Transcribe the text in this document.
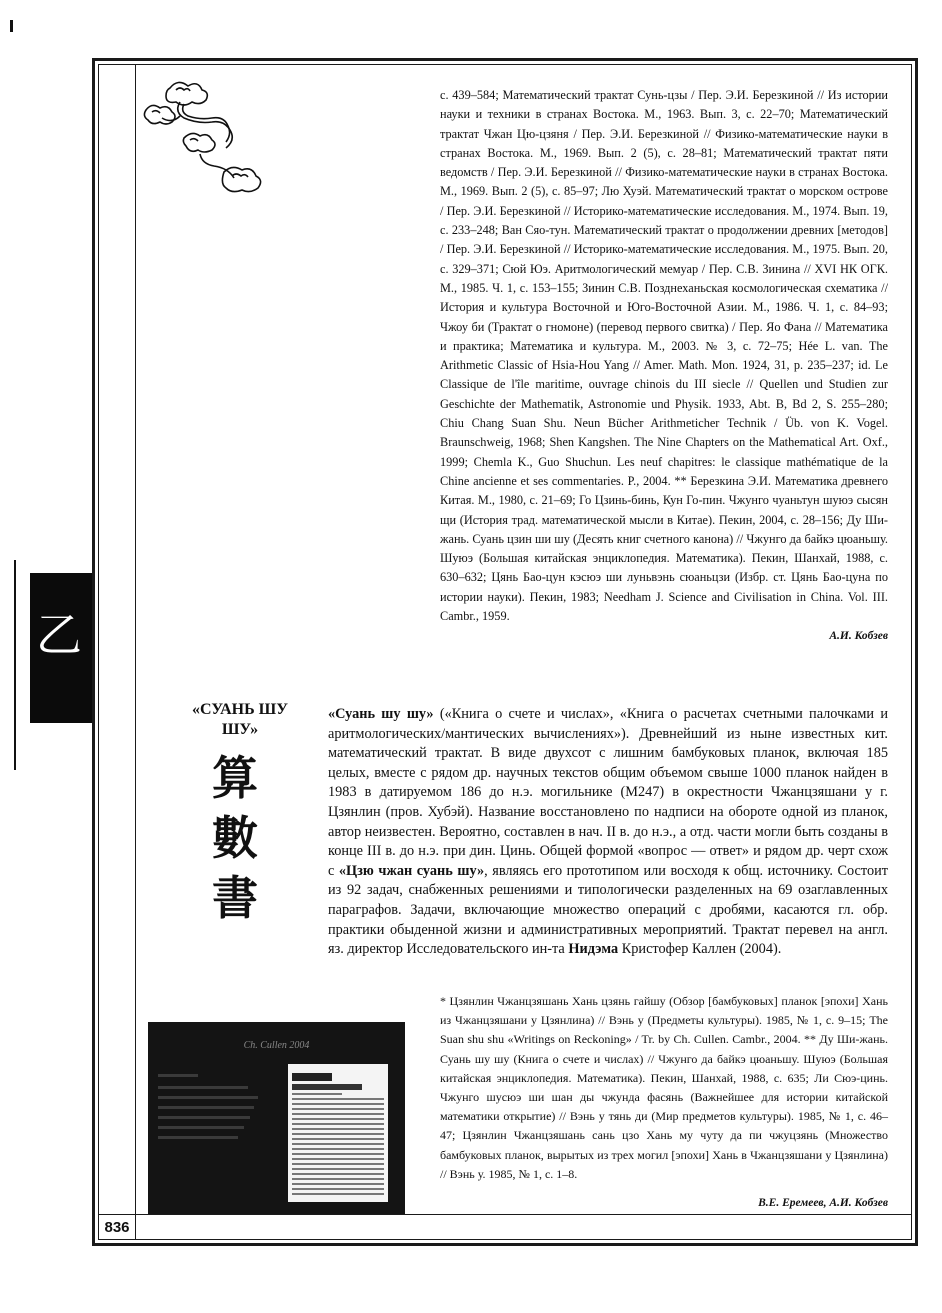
836
乙

с. 439–584; Математический трактат Сунь-цзы / Пер. Э.И. Березкиной // Из истории науки и техники в странах Востока. М., 1963. Вып. 3, с. 22–70; Математический трактат Чжан Цю-цзяня / Пер. Э.И. Березкиной // Физико-математические науки в странах Востока. М., 1969. Вып. 2 (5), с. 28–81; Математический трактат пяти ведомств / Пер. Э.И. Березкиной // Физико-математические науки в странах Востока. М., 1969. Вып. 2 (5), с. 85–97; Лю Хуэй. Математический трактат о морском острове / Пер. Э.И. Березкиной // Историко-математические исследования. М., 1974. Вып. 19, с. 233–248; Ван Сяо-тун. Математический трактат о продолжении древних [методов] / Пер. Э.И. Березкиной // Историко-математические исследования. М., 1975. Вып. 20, с. 329–371; Сюй Юэ. Аритмологический мемуар / Пер. С.В. Зинина // XVI НК ОГК. М., 1985. Ч. 1, с. 153–155; Зинин С.В. Позднеханьская космологическая схематика // История и культура Восточной и Юго-Восточной Азии. М., 1986. Ч. 1, с. 84–93; Чжоу би (Трактат о гномоне) (перевод первого свитка) / Пер. Яо Фана // Математика и практика; Математика и культура. М., 2003. № 3, с. 72–75; Hée L. van. The Arithmetic Classic of Hsia-Hou Yang // Amer. Math. Mon. 1924, 31, p. 235–237; id. Le Classique de l'île maritime, ouvrage chinois du III siecle // Quellen und Studien zur Geschichte der Mathematik, Astronomie und Physik. 1933, Abt. B, Bd 2, S. 255–280; Chiu Chang Suan Shu. Neun Bücher Arithmeticher Technik / Üb. von K. Vogel. Braunschweig, 1968; Shen Kangshen. The Nine Chapters on the Mathematical Art. Oxf., 1999; Chemla K., Guo Shuchun. Les neuf chapitres: le classique mathématique de la Chine ancienne et ses commentaries. P., 2004. ** Березкина Э.И. Математика древнего Китая. М., 1980, с. 21–69; Го Цзинь-бинь, Кун Го-пин. Чжунго чуаньтун шуюэ сысян щи (История трад. математической мысли в Китае). Пекин, 2004, с. 28–156; Ду Ши-жань. Суань цзин ши шу (Десять книг счетного канона) // Чжунго да байкэ цюаньшу. Шуюэ (Большая китайская энциклопедия. Математика). Пекин, Шанхай, 1988, с. 630–632; Цянь Бао-цун кэсюэ ши луньвэнь сюаньцзи (Избр. ст. Цянь Бао-цуна по истории науки). Пекин, 1983; Needham J. Science and Civilisation in China. Vol. III. Cambr., 1959.

А.И. Кобзев
«СУАНЬ ШУ ШУ»
算
數
書
«Суань шу шу» («Книга о счете и числах», «Книга о расчетах счетными палочками и аритмологических/мантических вычислениях»). Древнейший из ныне известных кит. математический трактат. В виде двухсот с лишним бамбуковых планок, включая 185 целых, вместе с рядом др. научных текстов общим объемом свыше 1000 планок найден в 1983 в датируемом 186 до н.э. могильнике (M247) в окрестности Чжанцзяшани у г. Цзянлин (пров. Хубэй). Название восстановлено по надписи на обороте одной из планок, автор неизвестен. Вероятно, составлен в нач. II в. до н.э., а отд. части могли быть созданы в конце III в. до н.э. при дин. Цинь. Общей формой «вопрос — ответ» и рядом др. черт схож с «Цзю чжан суань шу», являясь его прототипом или восходя к общ. источнику. Состоит из 92 задач, снабженных решениями и типологически разделенных на 69 озаглавленных параграфов. Задачи, включающие множество операций с дробями, касаются гл. обр. практики обыденной жизни и административных мероприятий. Трактат перевел на англ. яз. директор Исследовательского ин-та Нидэма Кристофер Каллен (2004).
* Цзянлин Чжанцзяшань Хань цзянь гайшу (Обзор [бамбуковых] планок [эпохи] Хань из Чжанцзяшани у Цзянлина) // Вэнь у (Предметы культуры). 1985, № 1, с. 9–15; The Suan shu shu «Writings on Reckoning» / Tr. by Ch. Cullen. Cambr., 2004. ** Ду Ши-жань. Суань шу шу (Книга о счете и числах) // Чжунго да байкэ цюаньшу. Шуюэ (Большая китайская энциклопедия. Математика). Пекин, Шанхай, 1988, с. 635; Ли Сюэ-цинь. Чжунго шусюэ ши шан ды чжунда фасянь (Важнейшее для истории китайской математики открытие) // Вэнь у тянь ди (Мир предметов культуры). 1985, № 1, с. 46–47; Цзянлин Чжанцзяшань сань цзо Хань му чуту да пи чжуцзянь (Множество бамбуковых планок, вырытых из трех могил [эпохи] Хань в Чжанцзяшани у Цзянлина) // Вэнь у. 1985, № 1, с. 1–8.
В.Е. Еремеев, А.И. Кобзев
Ch. Cullen 2004
